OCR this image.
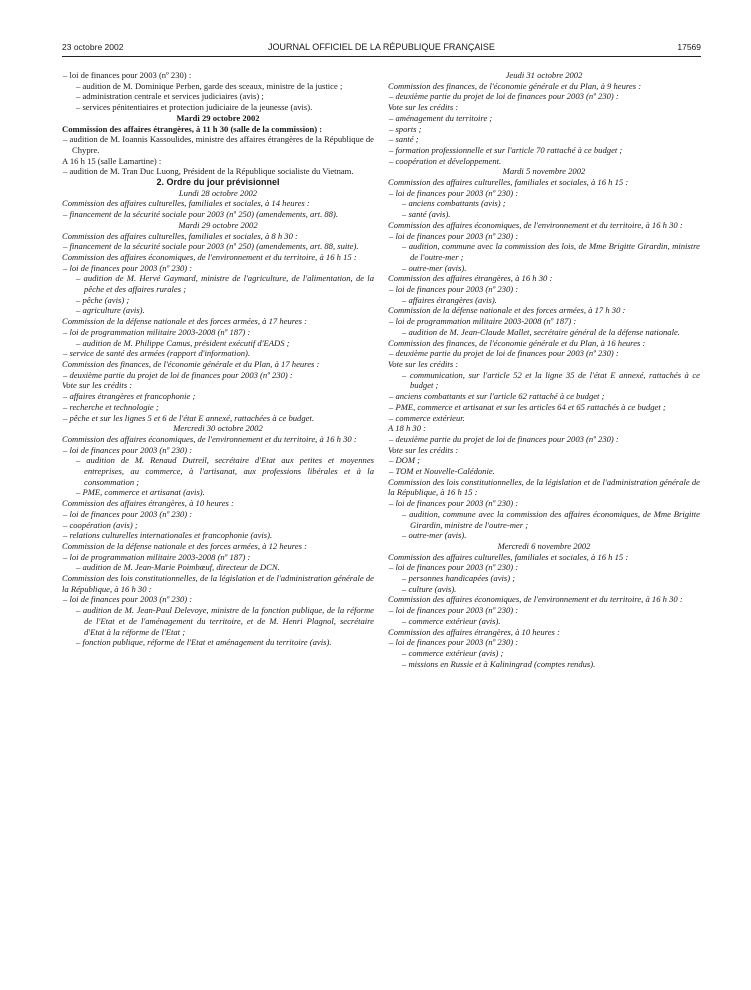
23 octobre 2002	JOURNAL OFFICIEL DE LA RÉPUBLIQUE FRANÇAISE	17569
– loi de finances pour 2003 (nº 230) :
– audition de M. Dominique Perben, garde des sceaux, ministre de la justice ;
– administration centrale et services judiciaires (avis) ;
– services pénitentiaires et protection judiciaire de la jeunesse (avis).
Mardi 29 octobre 2002
Commission des affaires étrangères, à 11 h 30 (salle de la commission) :
– audition de M. Ioannis Kassoulides, ministre des affaires étrangères de la République de Chypre.
A 16 h 15 (salle Lamartine) :
– audition de M. Tran Duc Luong, Président de la République socialiste du Vietnam.
2. Ordre du jour prévisionnel
Lundi 28 octobre 2002
Commission des affaires culturelles, familiales et sociales, à 14 heures :
– financement de la sécurité sociale pour 2003 (nº 250) (amendements, art. 88).
Mardi 29 octobre 2002
Commission des affaires culturelles, familiales et sociales, à 8 h 30 :
– financement de la sécurité sociale pour 2003 (nº 250) (amendements, art. 88, suite).
Commission des affaires économiques, de l'environnement et du territoire, à 16 h 15 :
– loi de finances pour 2003 (nº 230) :
– audition de M. Hervé Gaymard, ministre de l'agriculture, de l'alimentation, de la pêche et des affaires rurales ;
– pêche (avis) ;
– agriculture (avis).
Commission de la défense nationale et des forces armées, à 17 heures :
– loi de programmation militaire 2003-2008 (nº 187) :
– audition de M. Philippe Camus, président exécutif d'EADS ;
– service de santé des armées (rapport d'information).
Commission des finances, de l'économie générale et du Plan, à 17 heures :
– deuxième partie du projet de loi de finances pour 2003 (nº 230) :
Vote sur les crédits :
– affaires étrangères et francophonie ;
– recherche et technologie ;
– pêche et sur les lignes 5 et 6 de l'état E annexé, rattachées à ce budget.
Mercredi 30 octobre 2002
Commission des affaires économiques, de l'environnement et du territoire, à 16 h 30 :
– loi de finances pour 2003 (nº 230) :
– audition de M. Renaud Dutreil, secrétaire d'Etat aux petites et moyennes entreprises, au commerce, à l'artisanat, aux professions libérales et à la consommation ;
– PME, commerce et artisanat (avis).
Commission des affaires étrangères, à 10 heures :
– loi de finances pour 2003 (nº 230) :
– coopération (avis) ;
– relations culturelles internationales et francophonie (avis).
Commission de la défense nationale et des forces armées, à 12 heures :
– loi de programmation militaire 2003-2008 (nº 187) :
– audition de M. Jean-Marie Poimbœuf, directeur de DCN.
Commission des lois constitutionnelles, de la législation et de l'administration générale de la République, à 16 h 30 :
– loi de finances pour 2003 (nº 230) :
– audition de M. Jean-Paul Delevoye, ministre de la fonction publique, de la réforme de l'Etat et de l'aménagement du territoire, et de M. Henri Plagnol, secrétaire d'Etat à la réforme de l'Etat ;
– fonction publique, réforme de l'Etat et aménagement du territoire (avis).
Jeudi 31 octobre 2002
Commission des finances, de l'économie générale et du Plan, à 9 heures :
– deuxième partie du projet de loi de finances pour 2003 (nº 230) :
Vote sur les crédits :
– aménagement du territoire ;
– sports ;
– santé ;
– formation professionnelle et sur l'article 70 rattaché à ce budget ;
– coopération et développement.
Mardi 5 novembre 2002
Commission des affaires culturelles, familiales et sociales, à 16 h 15 :
– loi de finances pour 2003 (nº 230) :
– anciens combattants (avis) ;
– santé (avis).
Commission des affaires économiques, de l'environnement et du territoire, à 16 h 30 :
– loi de finances pour 2003 (nº 230) :
– audition, commune avec la commission des lois, de Mme Brigitte Girardin, ministre de l'outre-mer ;
– outre-mer (avis).
Commission des affaires étrangères, à 16 h 30 :
– loi de finances pour 2003 (nº 230) :
– affaires étrangères (avis).
Commission de la défense nationale et des forces armées, à 17 h 30 :
– loi de programmation militaire 2003-2008 (nº 187) :
– audition de M. Jean-Claude Mallet, secrétaire général de la défense nationale.
Commission des finances, de l'économie générale et du Plan, à 16 heures :
– deuxième partie du projet de loi de finances pour 2003 (nº 230) :
Vote sur les crédits :
– communication, sur l'article 52 et la ligne 35 de l'état E annexé, rattachés à ce budget ;
– anciens combattants et sur l'article 62 rattaché à ce budget ;
– PME, commerce et artisanat et sur les articles 64 et 65 rattachés à ce budget ;
– commerce extérieur.
A 18 h 30 :
– deuxième partie du projet de loi de finances pour 2003 (nº 230) :
Vote sur les crédits :
– DOM ;
– TOM et Nouvelle-Calédonie.
Commission des lois constitutionnelles, de la législation et de l'administration générale de la République, à 16 h 15 :
– loi de finances pour 2003 (nº 230) :
– audition, commune avec la commission des affaires économiques, de Mme Brigitte Girardin, ministre de l'outre-mer ;
– outre-mer (avis).
Mercredi 6 novembre 2002
Commission des affaires culturelles, familiales et sociales, à 16 h 15 :
– loi de finances pour 2003 (nº 230) :
– personnes handicapées (avis) ;
– culture (avis).
Commission des affaires économiques, de l'environnement et du territoire, à 16 h 30 :
– loi de finances pour 2003 (nº 230) :
– commerce extérieur (avis).
Commission des affaires étrangères, à 10 heures :
– loi de finances pour 2003 (nº 230) :
– commerce extérieur (avis) ;
– missions en Russie et à Kaliningrad (comptes rendus).
